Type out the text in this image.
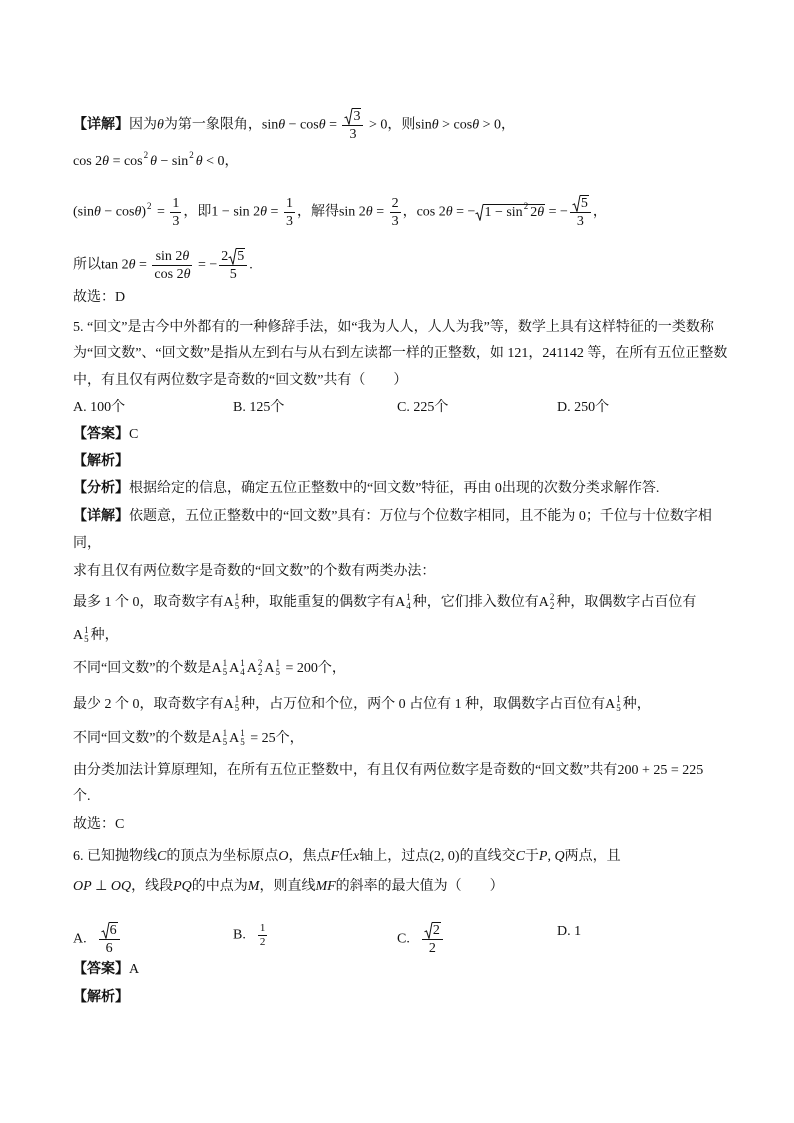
【详解】因为θ为第一象限角，$\sin\theta - \cos\theta = \frac{3}{3} > 0$，则sinθ > cosθ > 0，
$\cos 2\theta = \cos^2 \theta - \sin^2 \theta < 0$，
$(\sin\theta - \cos\theta)^2 = \frac{1}{3}$ ，即$1 - \sin 2\theta = \frac{1}{3}$ ，解得$\sin 2\theta = \frac{2}{3}$ ，cos 2θ = − $1 - \sin^2 2\theta$ = − $\frac{5}{3}$ ，
所以$\tan 2\theta = \frac{\sin 2\theta}{\cos 2\theta}$ = − $\frac{2 5}{5}$ .
故选：D
5. “回文”是古今中外都有的一种修辞手法，如“我为人人，人人为我”等，数学上具有这样特征的一类数称
为“回文数”、“回文数”是指从左到右与从右到左读都一样的正整数，如 121，241142 等，在所有五位正整数
中，有且仅有两位数字是奇数的“回文数”共有（　　）
A. 100个	B. 125个	C. 225个	D. 250个
【答案】C
【解析】
【分析】根据给定的信息，确定五位正整数中的“回文数”特征，再由 0出现的次数分类求解作答.
【详解】依题意，五位正整数中的“回文数”具有：万位与个位数字相同，且不能为 0；千位与十位数字相
同，
求有且仅有两位数字是奇数的“回文数”的个数有两类办法：
最多 1 个 0，取奇数字有A 1
5 种，取能重复的偶数字有A 1
4 种，它们排入数位有A 2
2 种，取偶数字占百位有
A 1
5 种，
不同“回文数”的个数是A 1
5 A 1
4 A 2
2 A 1
5 = 200个，
最少 2 个 0，取奇数字有A 1
5 种，占万位和个位，两个 0 占位有 1 种，取偶数字占百位有A 1
5 种，
不同“回文数”的个数是A 1
5 A 1
5 = 25个，
由分类加法计算原理知，在所有五位正整数中，有且仅有两位数字是奇数的“回文数”共有200 + 25 = 225
个.
故选：C
6. 已知抛物线C的顶点为坐标原点O，焦点F任x轴上，过点(2, 0)的直线交C于P, Q两点，且
OP ⊥ OQ，线段PQ的中点为M，则直线MF的斜率的最大值为（　　）
A. $\frac{6}{6}$	B. $\frac{1}{2}$	C. $\frac{2}{2}$	D. 1
【答案】A
【解析】
